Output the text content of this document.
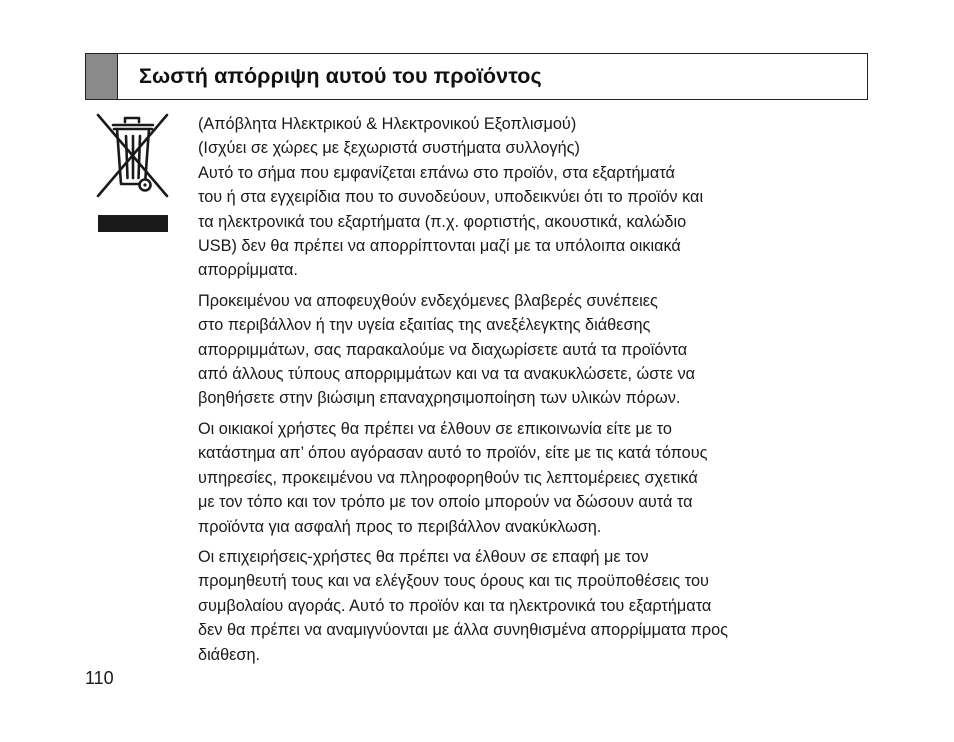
Σωστή απόρριψη αυτού του προϊόντος

(Απόβλητα Ηλεκτρικού & Ηλεκτρονικού Εξοπλισμού)

(Ισχύει σε χώρες με ξεχωριστά συστήματα συλλογής)

Αυτό το σήμα που εμφανίζεται επάνω στο προϊόν, στα εξαρτήματά
του ή στα εγχειρίδια που το συνοδεύουν, υποδεικνύει ότι το προϊόν και
τα ηλεκτρονικά του εξαρτήματα (π.χ. φορτιστής, ακουστικά, καλώδιο
USB) δεν θα πρέπει να απορρίπτονται μαζί με τα υπόλοιπα οικιακά
απορρίμματα.

Προκειμένου να αποφευχθούν ενδεχόμενες βλαβερές συνέπειες
στο περιβάλλον ή την υγεία εξαιτίας της ανεξέλεγκτης διάθεσης
απορριμμάτων, σας παρακαλούμε να διαχωρίσετε αυτά τα προϊόντα
από άλλους τύπους απορριμμάτων και να τα ανακυκλώσετε, ώστε να
βοηθήσετε στην βιώσιμη επαναχρησιμοποίηση των υλικών πόρων.

Οι οικιακοί χρήστες θα πρέπει να έλθουν σε επικοινωνία είτε με το
κατάστημα απ’ όπου αγόρασαν αυτό το προϊόν, είτε με τις κατά τόπους
υπηρεσίες, προκειμένου να πληροφορηθούν τις λεπτομέρειες σχετικά
με τον τόπο και τον τρόπο με τον οποίο μπορούν να δώσουν αυτά τα
προϊόντα για ασφαλή προς το περιβάλλον ανακύκλωση.

Οι επιχειρήσεις-χρήστες θα πρέπει να έλθουν σε επαφή με τον
προμηθευτή τους και να ελέγξουν τους όρους και τις προϋποθέσεις του
συμβολαίου αγοράς. Αυτό το προϊόν και τα ηλεκτρονικά του εξαρτήματα
δεν θα πρέπει να αναμιγνύονται με άλλα συνηθισμένα απορρίμματα προς
διάθεση.

110
